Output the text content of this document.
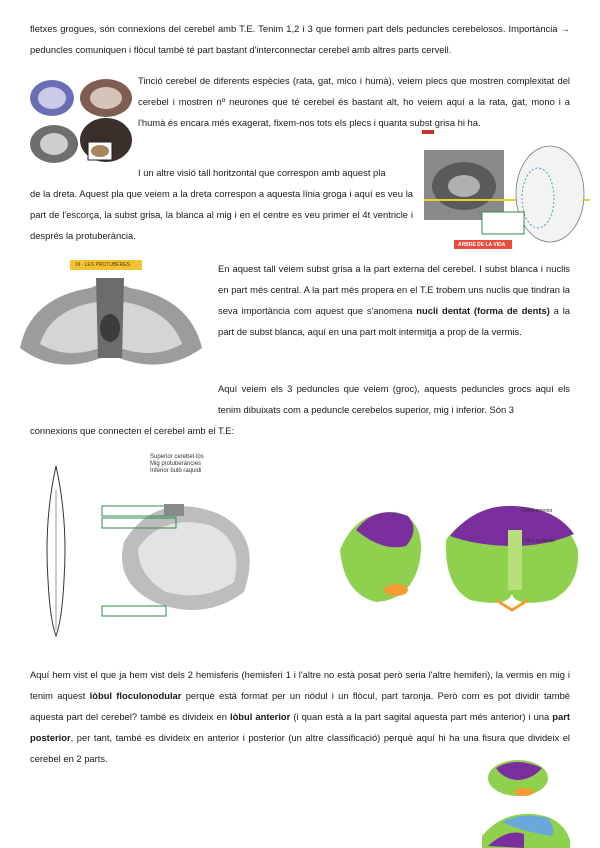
fletxes grogues, són connexions del cerebel amb T.E. Tenim 1,2 i 3 que formen part dels peduncles cerebelosos. Importància → peduncles comuniquen i flòcul també té part bastant d'interconnectar cerebel amb altres parts cervell.

Tinció cerebel de diferents espècies (rata, gat, mico i humà), veiem plecs que mostren complexitat del cerebel i mostren nº neurones que té cerebel és bastant alt, ho veiem aquí a la rata, gat, mono i a l'humà és encara més exagerat, fixem-nos tots els plecs i quanta subst grisa hi ha.

ARBRE DE LA VIDA

I un altre visió tall horitzontal que correspon amb aquest pla

de la dreta. Aquest pla que veiem a la dreta correspon a aquesta línia groga i aquí es veu la part de l'escorça, la subst grisa, la blanca al mig i en el centre es veu primer el 4t ventricle i després la protuberància.

III · LES PROTUBÈRES	En aquest tall veiem subst grisa a la part externa del cerebel. I subst blanca i nuclis en part més central. A la part més propera en el T.E trobem uns nuclis que tindran la seva importància com aquest que s'anomena nucli dentat (forma de dents) a la part de subst blanca, aquí en una part molt intermitja a prop de la vermis.

Aquí veiem els 3 peduncles que veiem (groc), aquests peduncles grocs aquí els tenim dibuixats com a peduncle cerebelos superior, mig i inferior. Són 3

connexions que connecten el cerebel amb el T.E:

Superior cerebel·lós
Mig protuberàncies
Inferior bulb raquidi
Lòbul anterior
Lòbul posterior

Aquí hem vist el que ja hem vist dels 2 hemisferis (hemisferi 1 i l'altre no està posat però seria l'altre hemiferi), la vermis en mig i tenim aquest lòbul floculonodular perquè està format per un nòdul i un flòcul, part taronja. Però com es pot dividir també aquesta part del cerebel? també es divideix en lòbul anterior (i quan està a la part sagital aquesta part més anterior) i una part posterior, per tant, també es divideix en anterior i posterior (un altre classificació) perquè aquí hi ha una fisura que divideix el cerebel en 2 parts.
